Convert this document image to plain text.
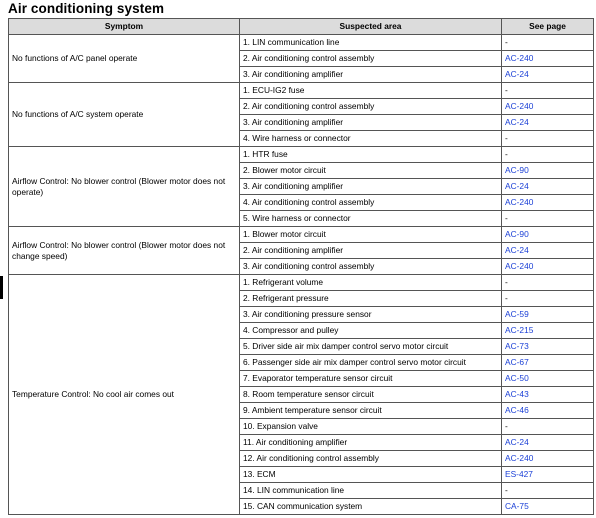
Air conditioning system
Symptom	Suspected area	See page
No functions of A/C panel operate	1. LIN communication line	-
	2. Air conditioning control assembly	AC-240
	3. Air conditioning amplifier	AC-24
No functions of A/C system operate	1. ECU-IG2 fuse	-
	2. Air conditioning control assembly	AC-240
	3. Air conditioning amplifier	AC-24
	4. Wire harness or connector	-
Airflow Control: No blower control (Blower motor does not operate)	1. HTR fuse	-
	2. Blower motor circuit	AC-90
	3. Air conditioning amplifier	AC-24
	4. Air conditioning control assembly	AC-240
	5. Wire harness or connector	-
Airflow Control: No blower control (Blower motor does not change speed)	1. Blower motor circuit	AC-90
	2. Air conditioning amplifier	AC-24
	3. Air conditioning control assembly	AC-240
Temperature Control: No cool air comes out	1. Refrigerant volume	-
	2. Refrigerant pressure	-
	3. Air conditioning pressure sensor	AC-59
	4. Compressor and pulley	AC-215
	5. Driver side air mix damper control servo motor circuit	AC-73
	6. Passenger side air mix damper control servo motor circuit	AC-67
	7. Evaporator temperature sensor circuit	AC-50
	8. Room temperature sensor circuit	AC-43
	9. Ambient temperature sensor circuit	AC-46
	10. Expansion valve	-
	11. Air conditioning amplifier	AC-24
	12. Air conditioning control assembly	AC-240
	13. ECM	ES-427
	14. LIN communication line	-
	15. CAN communication system	CA-75
